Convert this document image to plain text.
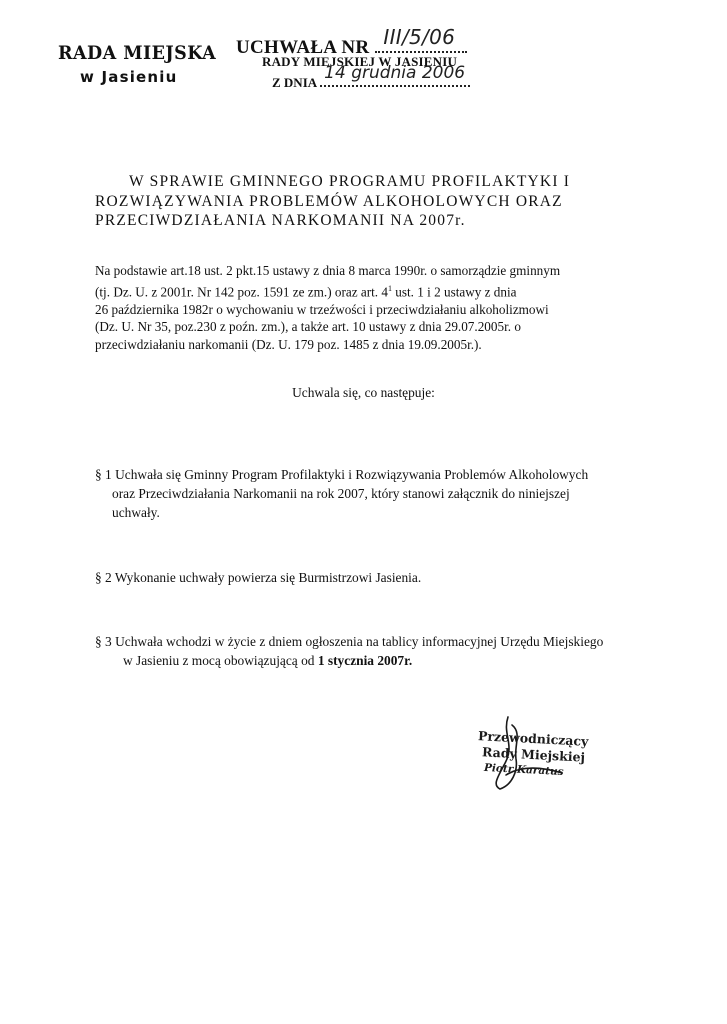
RADA MIEJSKA
w Jasieniu
UCHWAŁA NR III/5/06
RADY MIEJSKIEJ W JASIENIU
Z DNIA 14 grudnia 2006
W SPRAWIE GMINNEGO PROGRAMU PROFILAKTYKI I
ROZWIĄZYWANIA PROBLEMÓW ALKOHOLOWYCH ORAZ
PRZECIWDZIAŁANIA NARKOMANII NA 2007r.
Na podstawie art.18 ust. 2 pkt.15 ustawy z dnia 8 marca 1990r. o samorządzie gminnym
(tj. Dz. U. z 2001r. Nr 142 poz. 1591 ze zm.) oraz art. $4^1$ ust. 1 i 2 ustawy z dnia
26 października 1982r o wychowaniu w trzeźwości i przeciwdziałaniu alkoholizmowi
(Dz. U. Nr 35, poz.230 z poźn. zm.), a także art. 10 ustawy z dnia 29.07.2005r. o
przeciwdziałaniu narkomanii (Dz. U. 179 poz. 1485 z dnia 19.09.2005r.).
Uchwala się, co następuje:
§ 1 Uchwała się Gminny Program Profilaktyki i Rozwiązywania Problemów Alkoholowych
oraz Przeciwdziałania Narkomanii na rok 2007, który stanowi załącznik do niniejszej
uchwały.
§ 2 Wykonanie uchwały powierza się Burmistrzowi Jasienia.
§ 3 Uchwała wchodzi w życie z dniem ogłoszenia na tablicy informacyjnej Urzędu Miejskiego
w Jasieniu z mocą obowiązującą od 1 stycznia 2007r.
Przewodniczący
Rady Miejskiej
Piotr Karatus
